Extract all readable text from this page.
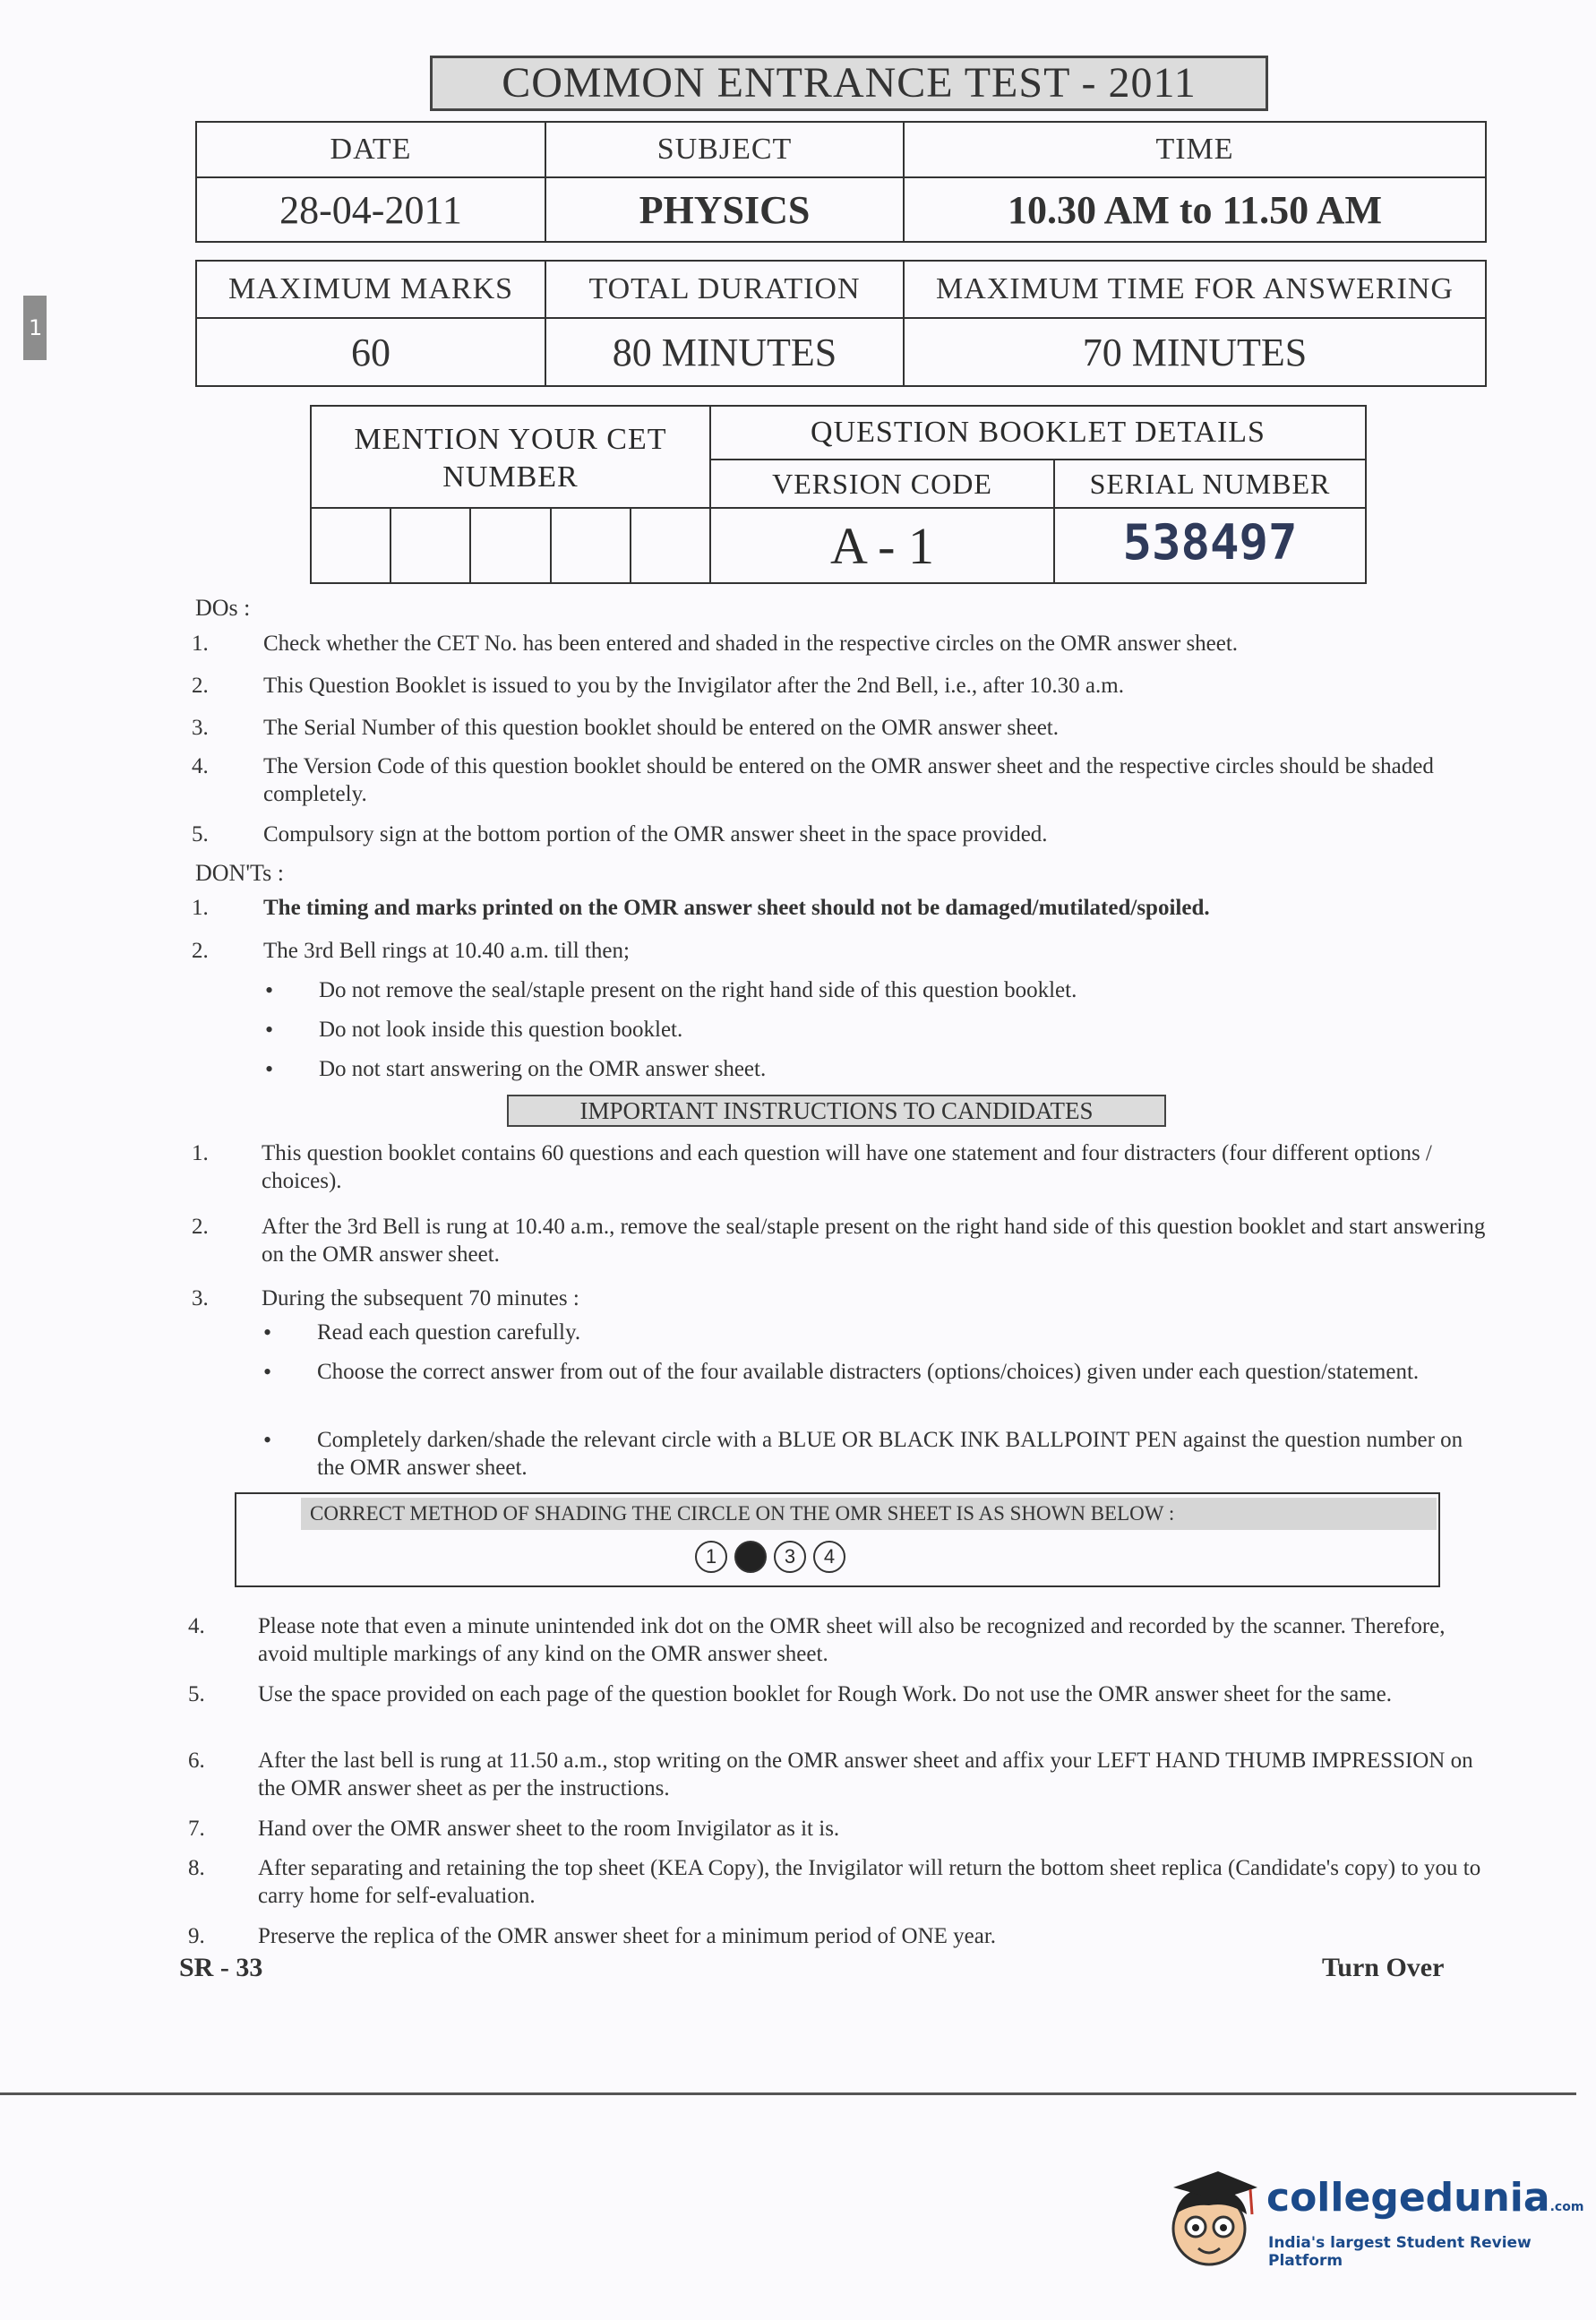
1
COMMON ENTRANCE TEST - 2011
DATE	SUBJECT	TIME
28-04-2011	PHYSICS	10.30 AM to 11.50 AM
MAXIMUM MARKS	TOTAL DURATION	MAXIMUM TIME FOR ANSWERING
60	80 MINUTES	70 MINUTES
MENTION YOUR CET NUMBER
QUESTION BOOKLET DETAILS
VERSION CODE	SERIAL NUMBER
A - 1	538497
DOs :
1.	Check whether the CET No. has been entered and shaded in the respective circles on the OMR answer sheet.
2.	This Question Booklet is issued to you by the Invigilator after the 2nd Bell, i.e., after 10.30 a.m.
3.	The Serial Number of this question booklet should be entered on the OMR answer sheet.
4.	The Version Code of this question booklet should be entered on the OMR answer sheet and the respective circles should be shaded completely.
5.	Compulsory sign at the bottom portion of the OMR answer sheet in the space provided.
DON'Ts :
1.	The timing and marks printed on the OMR answer sheet should not be damaged/mutilated/spoiled.
2.	The 3rd Bell rings at 10.40 a.m. till then;
• Do not remove the seal/staple present on the right hand side of this question booklet.
• Do not look inside this question booklet.
• Do not start answering on the OMR answer sheet.
IMPORTANT INSTRUCTIONS TO CANDIDATES
1.	This question booklet contains 60 questions and each question will have one statement and four distracters (four different options / choices).
2.	After the 3rd Bell is rung at 10.40 a.m., remove the seal/staple present on the right hand side of this question booklet and start answering on the OMR answer sheet.
3.	During the subsequent 70 minutes :
• Read each question carefully.
• Choose the correct answer from out of the four available distracters (options/choices) given under each question/statement.
• Completely darken/shade the relevant circle with a BLUE OR BLACK INK BALLPOINT PEN against the question number on the OMR answer sheet.
CORRECT METHOD OF SHADING THE CIRCLE ON THE OMR SHEET IS AS SHOWN BELOW :
1	3	4
4.	Please note that even a minute unintended ink dot on the OMR sheet will also be recognized and recorded by the scanner. Therefore, avoid multiple markings of any kind on the OMR answer sheet.
5.	Use the space provided on each page of the question booklet for Rough Work. Do not use the OMR answer sheet for the same.
6.	After the last bell is rung at 11.50 a.m., stop writing on the OMR answer sheet and affix your LEFT HAND THUMB IMPRESSION on the OMR answer sheet as per the instructions.
7.	Hand over the OMR answer sheet to the room Invigilator as it is.
8.	After separating and retaining the top sheet (KEA Copy), the Invigilator will return the bottom sheet replica (Candidate's copy) to you to carry home for self-evaluation.
9.	Preserve the replica of the OMR answer sheet for a minimum period of ONE year.
SR - 33	Turn Over
collegedunia.com
India's largest Student Review Platform
